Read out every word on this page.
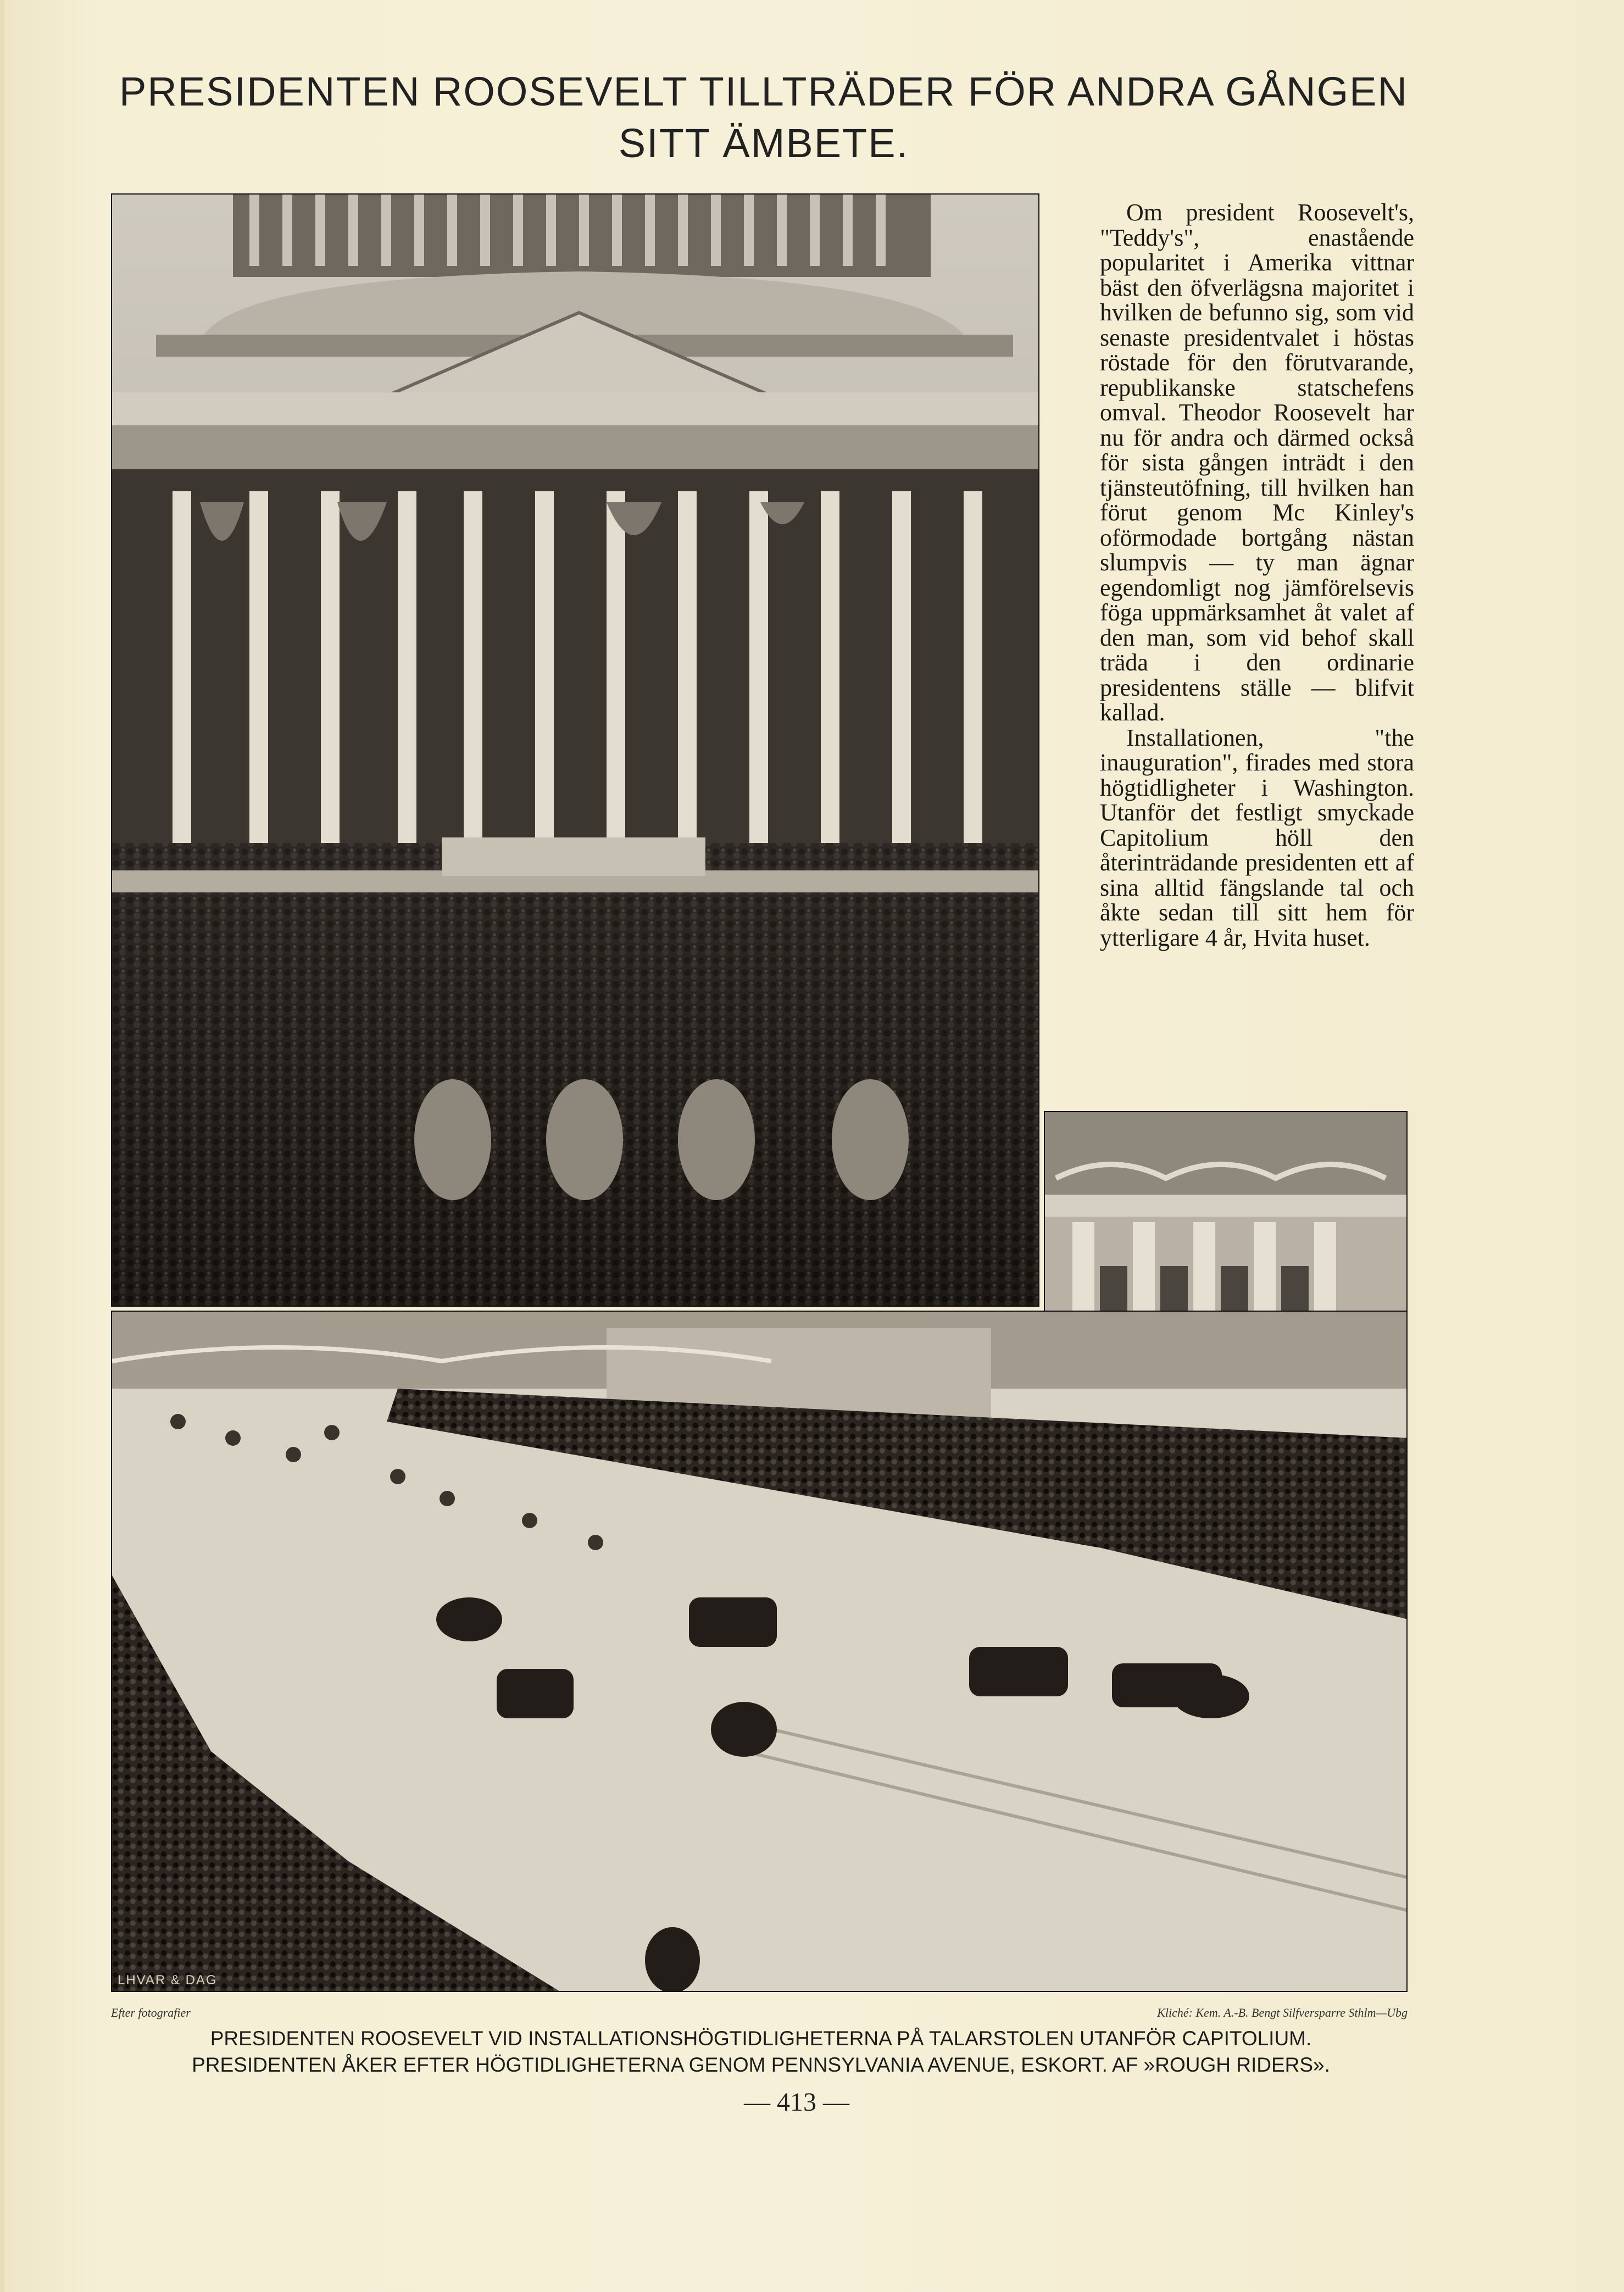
PRESIDENTEN ROOSEVELT TILLTRÄDER FÖR ANDRA GÅNGEN
SITT ÄMBETE.
LHVAR & DAG

Om president Roosevelt's, "Teddy's", enastående popularitet i Amerika vittnar bäst den öfverlägsna majoritet i hvilken de befunno sig, som vid senaste presidentvalet i höstas röstade för den förutvarande, republikanske statschefens omval. Theodor Roosevelt har nu för andra och därmed också för sista gången inträdt i den tjänsteutöfning, till hvilken han förut genom Mc Kinley's oförmodade bortgång nästan slumpvis — ty man ägnar egendomligt nog jämförelsevis föga uppmärksamhet åt valet af den man, som vid behof skall träda i den ordinarie presidentens ställe — blifvit kallad.

Installationen, "the inauguration", firades med stora högtidligheter i Washington. Utanför det festligt smyckade Capitolium höll den återinträdande presidenten ett af sina alltid fängslande tal och åkte sedan till sitt hem för ytterligare 4 år, Hvita huset.

Efter fotografier	Kliché: Kem. A.-B. Bengt Silfversparre Sthlm—Ubg
PRESIDENTEN ROOSEVELT VID INSTALLATIONSHÖGTIDLIGHETERNA PÅ TALARSTOLEN UTANFÖR CAPITOLIUM.
PRESIDENTEN ÅKER EFTER HÖGTIDLIGHETERNA GENOM PENNSYLVANIA AVENUE, ESKORT. AF »ROUGH RIDERS».
— 413 —
